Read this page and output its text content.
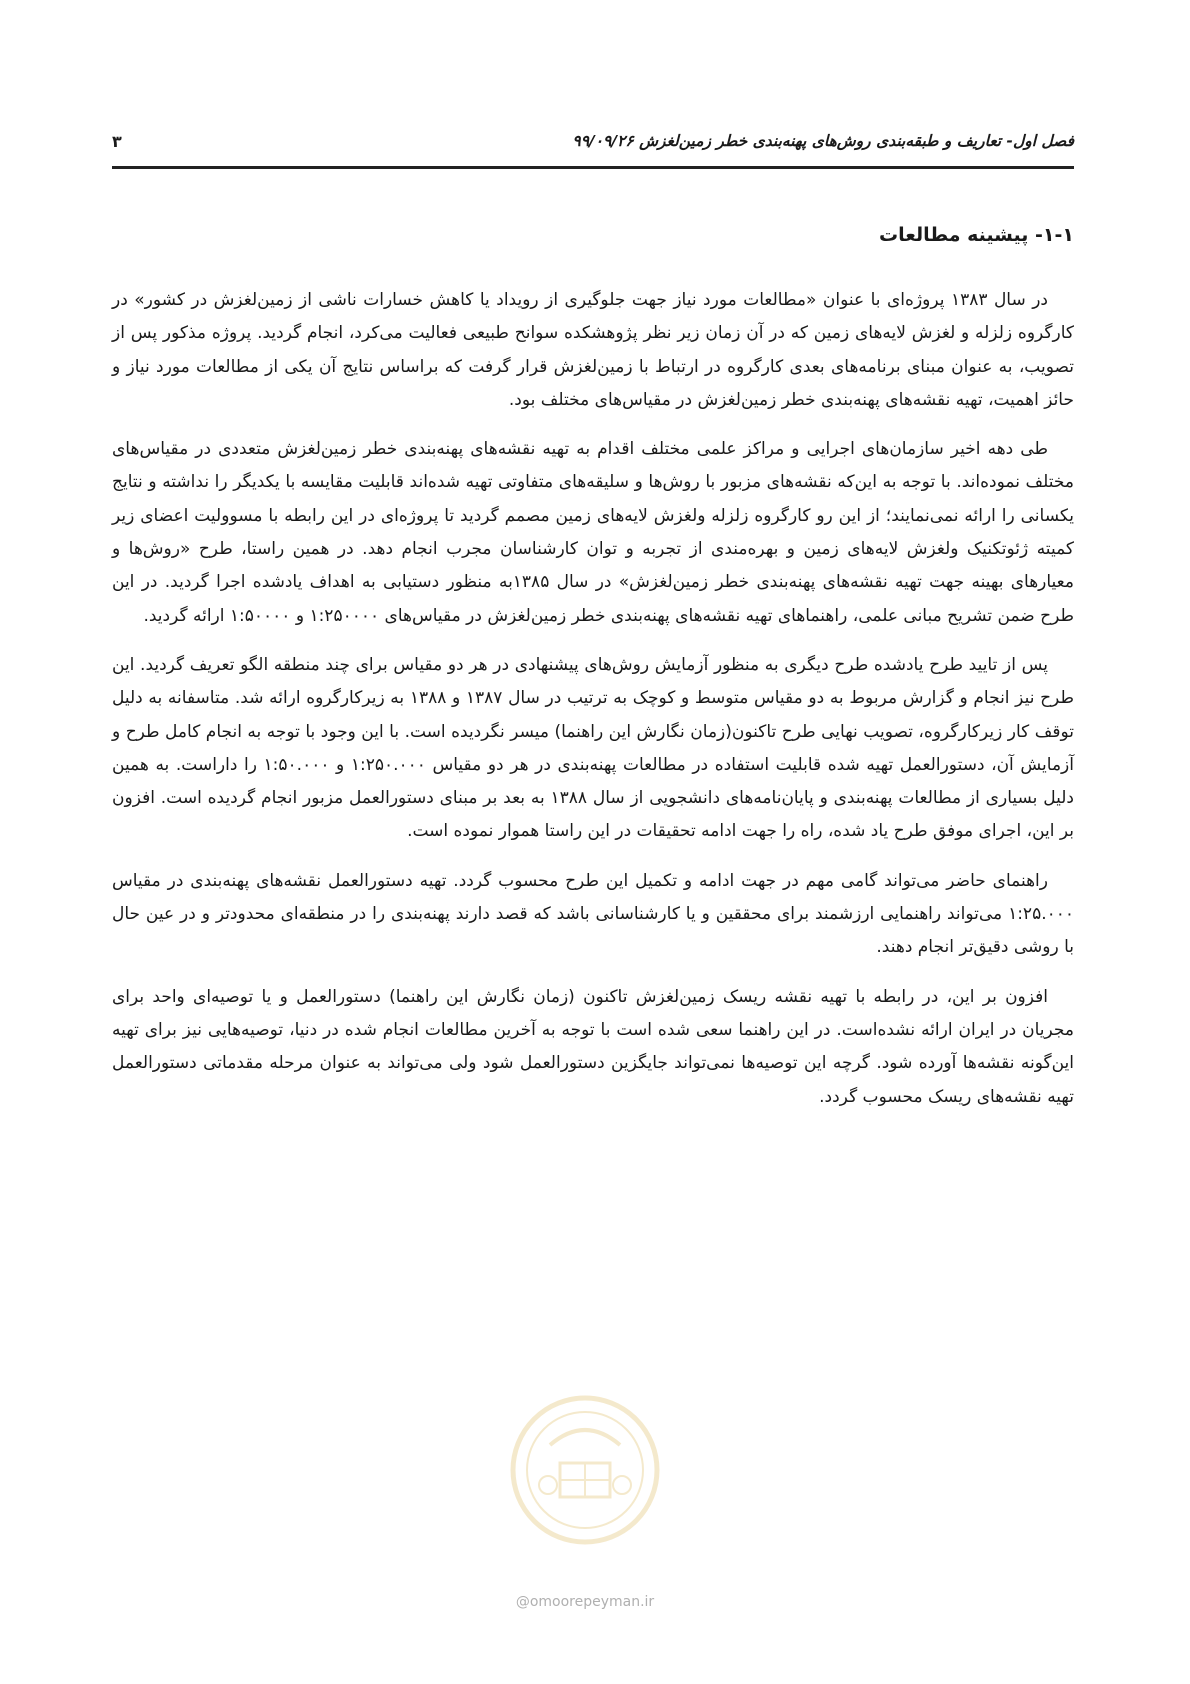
فصل اول- تعاریف و طبقه‌بندی روش‌های پهنه‌بندی خطر زمین‌لغزش ۹۹/۰۹/۲۶
۳
۱-۱- پیشینه مطالعات

در سال ۱۳۸۳ پروژه‌ای با عنوان «مطالعات مورد نیاز جهت جلوگیری از رویداد یا کاهش خسارات ناشی از زمین‌لغزش در کشور» در کارگروه زلزله و لغزش لایه‌های زمین که در آن زمان زیر نظر پژوهشکده سوانح طبیعی فعالیت می‌کرد، انجام گردید. پروژه مذکور پس از تصویب، به عنوان مبنای برنامه‌های بعدی کارگروه در ارتباط با زمین‌لغزش قرار گرفت که براساس نتایج آن یکی از مطالعات مورد نیاز و حائز اهمیت، تهیه نقشه‌های پهنه‌بندی خطر زمین‌لغزش در مقیاس‌های مختلف بود.

طی دهه اخیر سازمان‌های اجرایی و مراکز علمی مختلف اقدام به تهیه نقشه‌های پهنه‌بندی خطر زمین‌لغزش متعددی در مقیاس‌های مختلف نموده‌اند. با توجه به این‌که نقشه‌های مزبور با روش‌ها و سلیقه‌های متفاوتی تهیه شده‌اند قابلیت مقایسه با یکدیگر را نداشته و نتایج یکسانی را ارائه نمی‌نمایند؛ از این رو کارگروه زلزله ولغزش لایه‌های زمین مصمم گردید تا پروژه‌ای در این رابطه با مسوولیت اعضای زیر کمیته ژئوتکنیک ولغزش لایه‌های زمین و بهره‌مندی از تجربه و توان کارشناسان مجرب انجام دهد. در همین راستا، طرح «روش‌ها و معیارهای بهینه جهت تهیه نقشه‌های پهنه‌بندی خطر زمین‌لغزش» در سال ۱۳۸۵به منظور دستیابی به اهداف یادشده اجرا گردید. در این طرح ضمن تشریح مبانی علمی، راهنماهای تهیه نقشه‌های پهنه‌بندی خطر زمین‌لغزش در مقیاس‌های ۱:۲۵۰۰۰۰ و ۱:۵۰۰۰۰ ارائه گردید.

پس از تایید طرح یادشده طرح دیگری به منظور آزمایش روش‌های پیشنهادی در هر دو مقیاس برای چند منطقه الگو تعریف گردید. این طرح نیز انجام و گزارش مربوط به دو مقیاس متوسط و کوچک به ترتیب در سال ۱۳۸۷ و ۱۳۸۸ به زیرکارگروه ارائه شد. متاسفانه به دلیل توقف کار زیرکارگروه، تصویب نهایی طرح تاکنون(زمان نگارش این راهنما) میسر نگردیده است. با این وجود با توجه به انجام کامل طرح و آزمایش آن، دستورالعمل تهیه شده قابلیت استفاده در مطالعات پهنه‌بندی در هر دو مقیاس ۱:۲۵۰.۰۰۰ و ۱:۵۰.۰۰۰ را داراست. به همین دلیل بسیاری از مطالعات پهنه‌بندی و پایان‌نامه‌های دانشجویی از سال ۱۳۸۸ به بعد بر مبنای دستورالعمل مزبور انجام گردیده است. افزون بر این، اجرای موفق طرح یاد شده، راه را جهت ادامه تحقیقات در این راستا هموار نموده است.

راهنمای حاضر می‌تواند گامی مهم در جهت ادامه و تکمیل این طرح محسوب گردد. تهیه دستورالعمل نقشه‌های پهنه‌بندی در مقیاس ۱:۲۵.۰۰۰ می‌تواند راهنمایی ارزشمند برای محققین و یا کارشناسانی باشد که قصد دارند پهنه‌بندی را در منطقه‌ای محدودتر و در عین حال با روشی دقیق‌تر انجام دهند.

افزون بر این، در رابطه با تهیه نقشه ریسک زمین‌لغزش تاکنون (زمان نگارش این راهنما) دستورالعمل و یا توصیه‌ای واحد برای مجریان در ایران ارائه نشده‌است. در این راهنما سعی شده است با توجه به آخرین مطالعات انجام شده در دنیا، توصیه‌هایی نیز برای تهیه این‌گونه نقشه‌ها آورده شود. گرچه این توصیه‌ها نمی‌تواند جایگزین دستورالعمل شود ولی می‌تواند به عنوان مرحله مقدماتی دستورالعمل تهیه نقشه‌های ریسک محسوب گردد.

@omoorepeyman.ir
